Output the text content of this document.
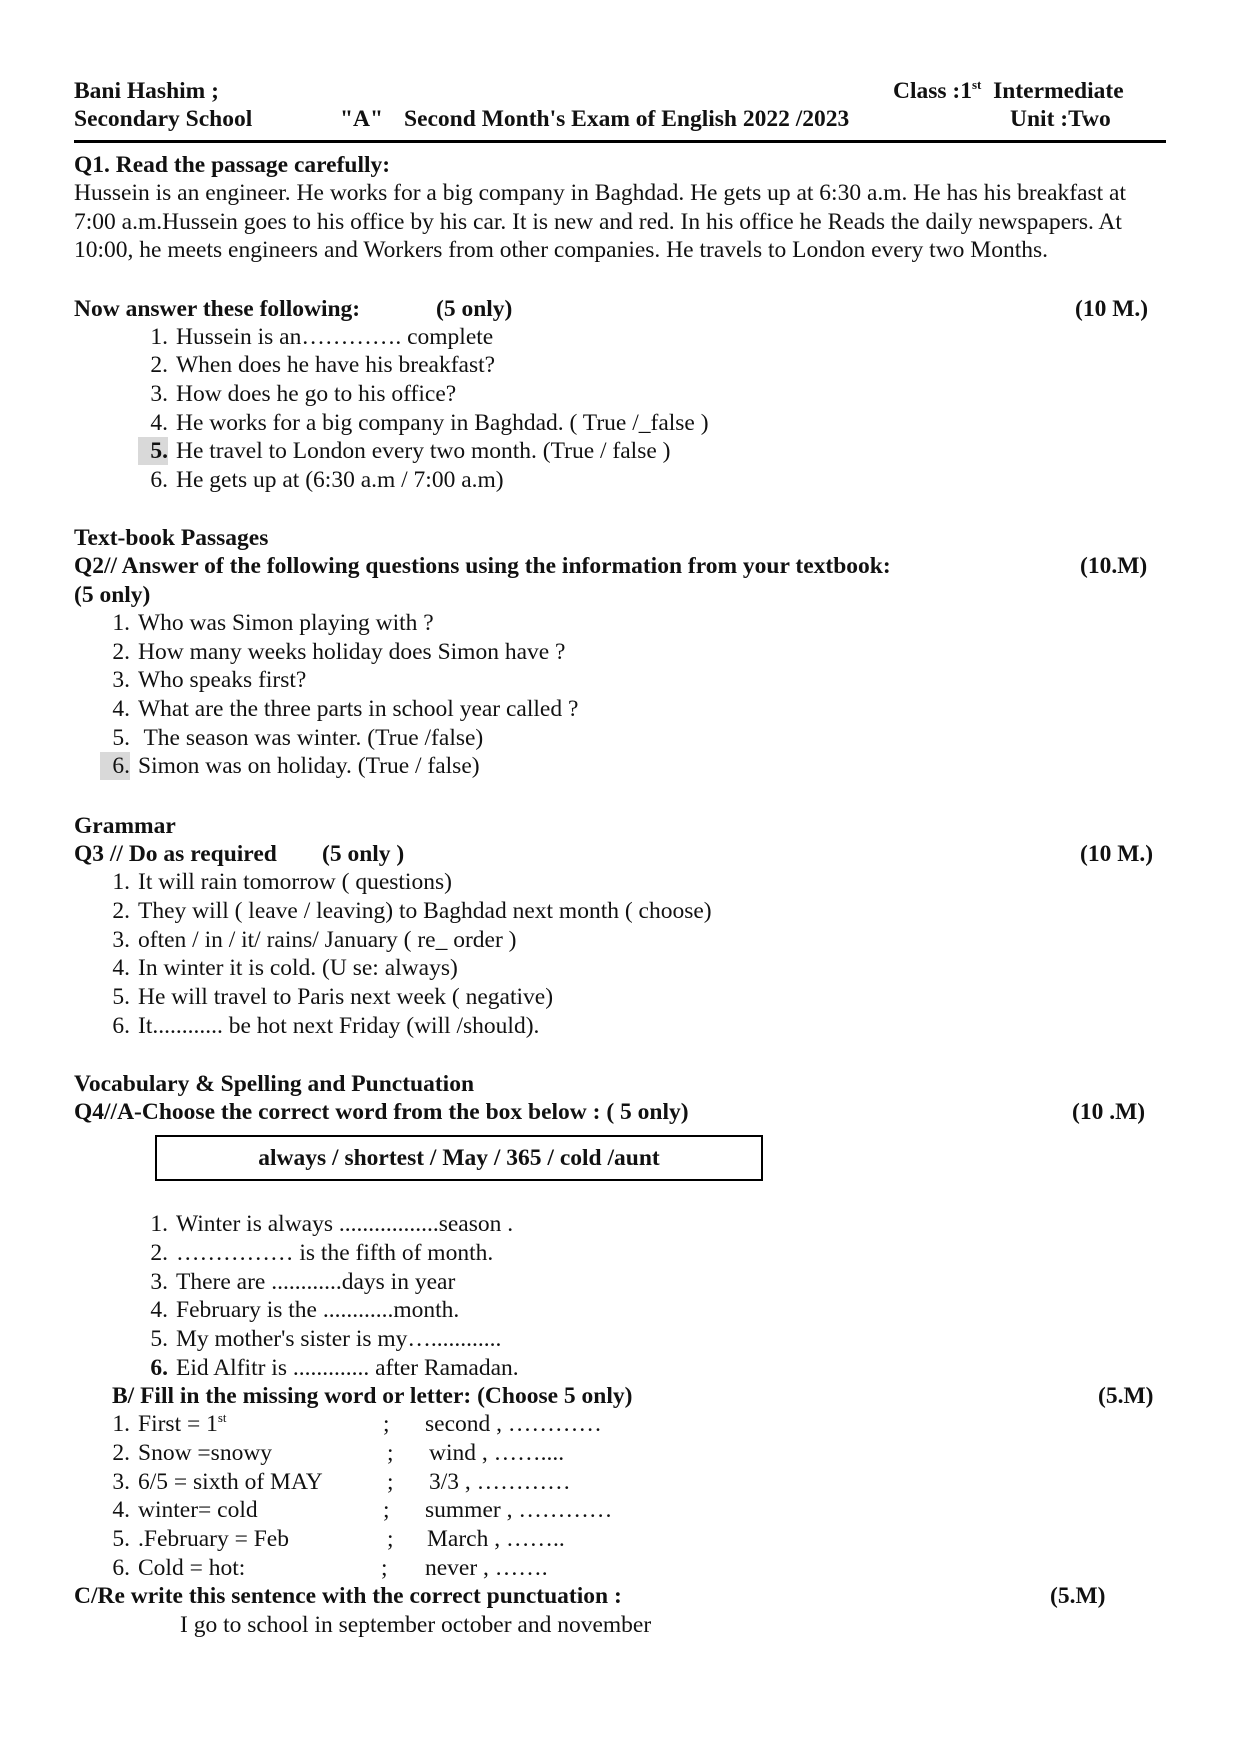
Bani Hashim ;
Secondary School	"A" Second Month's Exam of English 2022 /2023
Class :1st Intermediate
Unit :Two
Q1. Read the passage carefully:
Hussein is an engineer. He works for a big company in Baghdad. He gets up at 6:30 a.m. He has his breakfast at 7:00 a.m.Hussein goes to his office by his car. It is new and red. In his office he Reads the daily newspapers. At 10:00, he meets engineers and Workers from other companies. He travels to London every two Months.
Now answer these following:	(5 only)	(10 M.)
1. Hussein is an…………. complete
2. When does he have his breakfast?
3. How does he go to his office?
4. He works for a big company in Baghdad. ( True /_false )
5. He travel to London every two month. (True / false )
6. He gets up at (6:30 a.m / 7:00 a.m)
Text-book Passages
Q2// Answer of the following questions using the information from your textbook:	(10.M)
(5 only)
1. Who was Simon playing with ?
2. How many weeks holiday does Simon have ?
3. Who speaks first?
4. What are the three parts in school year called ?
5. The season was winter. (True /false)
6. Simon was on holiday. (True / false)
Grammar
Q3 // Do as required (5 only )	(10 M.)
1. It will rain tomorrow ( questions)
2. They will ( leave / leaving) to Baghdad next month ( choose)
3. often / in / it/ rains/ January ( re_ order )
4. In winter it is cold. (U se: always)
5. He will travel to Paris next week ( negative)
6. It............ be hot next Friday (will /should).
Vocabulary & Spelling and Punctuation
Q4//A-Choose the correct word from the box below : ( 5 only)	(10 .M)
always / shortest / May / 365 / cold /aunt
1. Winter is always .................season .
2. …………… is the fifth of month.
3. There are ............days in year
4. February is the ............month.
5. My mother's sister is my…............
6. Eid Alfitr is ............. after Ramadan.
B/ Fill in the missing word or letter: (Choose 5 only)	(5.M)
1. First = 1st	; second , …………
2. Snow =snowy	; wind , ……....
3. 6/5 = sixth of MAY	; 3/3 , …………
4. winter= cold	; summer , …………
5. .February = Feb	; March , ……..
6. Cold = hot:	; never , …….
C/Re write this sentence with the correct punctuation :	(5.M)
I go to school in september october and november
